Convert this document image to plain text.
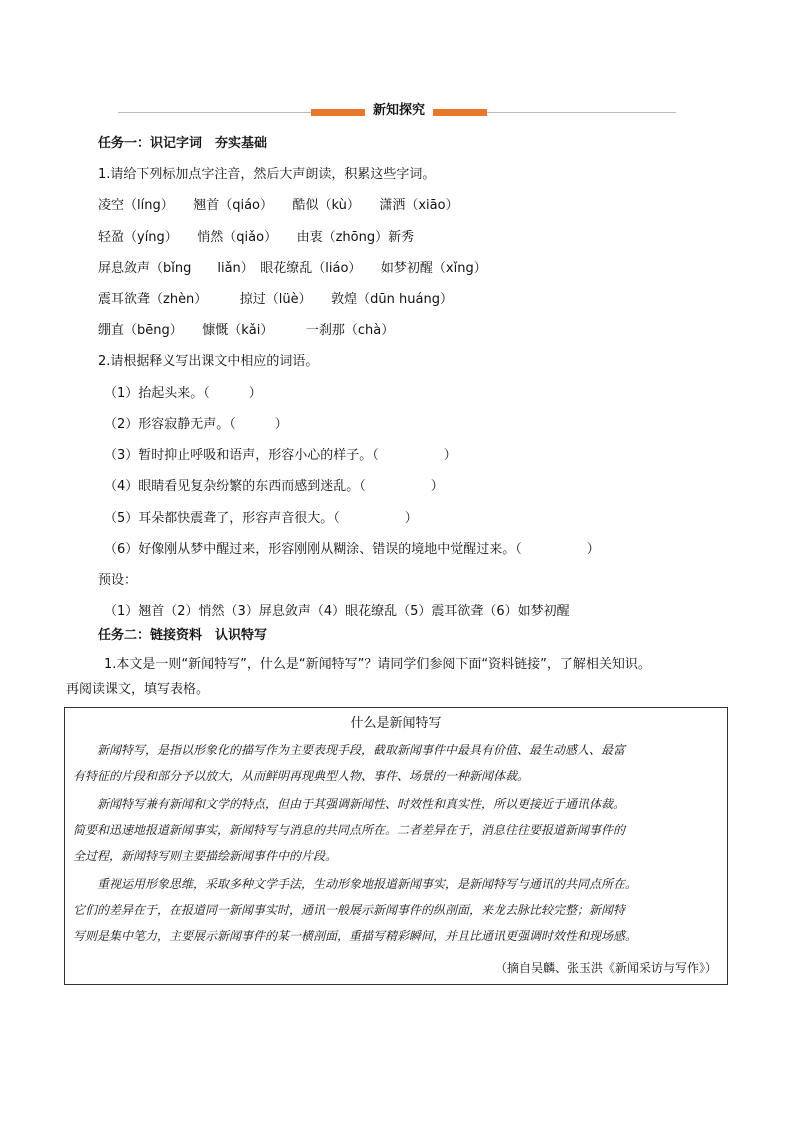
新知探究
任务一：识记字词　夯实基础
1.请给下列标加点字注音，然后大声朗读，积累这些字词。
凌空（líng）　　翘首（qiáo）　　酷似（kù）　　潇洒（xiāo）
轻盈（yíng）　　悄然（qiǎo）　　由衷（zhōng）新秀
屏息敛声（bǐng　　liǎn）　眼花缭乱（liáo）　　如梦初醒（xǐng）
震耳欲聋（zhèn）　　　掠过（lüè）　　敦煌（dūn huáng）
绷直（bēng）　　慷慨（kǎi）　　　一刹那（chà）
2.请根据释义写出课文中相应的词语。
（1）抬起头来。（　　　）
（2）形容寂静无声。（　　　）
（3）暂时抑止呼吸和语声，形容小心的样子。（　　　　　）
（4）眼睛看见复杂纷繁的东西而感到迷乱。（　　　　　）
（5）耳朵都快震聋了，形容声音很大。（　　　　　）
（6）好像刚从梦中醒过来，形容刚刚从糊涂、错误的境地中觉醒过来。（　　　　　）
预设：
（1）翘首（2）悄然（3）屏息敛声（4）眼花缭乱（5）震耳欲聋（6）如梦初醒
任务二：链接资料　认识特写
1.本文是一则“新闻特写”，什么是“新闻特写”？请同学们参阅下面“资料链接”，了解相关知识。
再阅读课文，填写表格。
什么是新闻特写
　　新闻特写，是指以形象化的描写作为主要表现手段，截取新闻事件中最具有价值、最生动感人、最富
有特征的片段和部分予以放大，从而鲜明再现典型人物、事件、场景的一种新闻体裁。
　　新闻特写兼有新闻和文学的特点，但由于其强调新闻性、时效性和真实性，所以更接近于通讯体裁。
简要和迅速地报道新闻事实，新闻特写与消息的共同点所在。二者差异在于，消息往往要报道新闻事件的
全过程，新闻特写则主要描绘新闻事件中的片段。
　　重视运用形象思维，采取多种文学手法，生动形象地报道新闻事实，是新闻特写与通讯的共同点所在。
它们的差异在于，在报道同一新闻事实时，通讯一般展示新闻事件的纵剖面，来龙去脉比较完整；新闻特
写则是集中笔力，主要展示新闻事件的某一横剖面，重描写精彩瞬间，并且比通讯更强调时效性和现场感。
（摘自吴麟、张玉洪《新闻采访与写作》）
